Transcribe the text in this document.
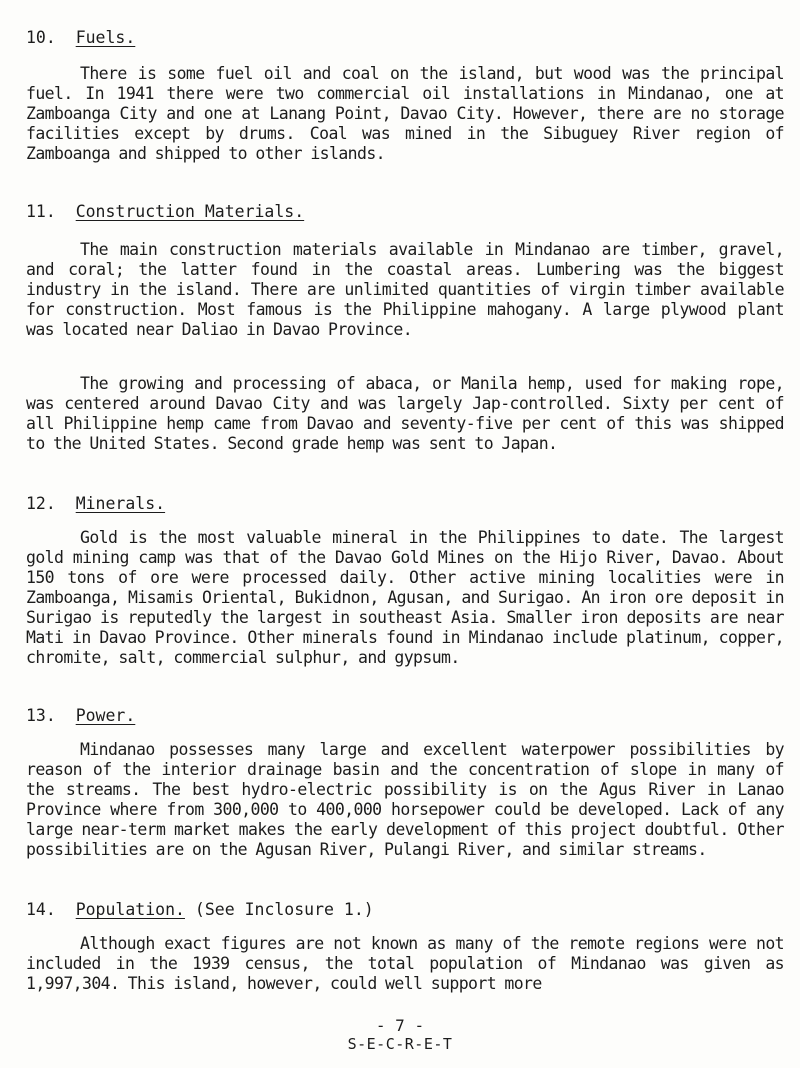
10. Fuels.

There is some fuel oil and coal on the island, but wood was the principal fuel. In 1941 there were two commercial oil installations in Mindanao, one at Zamboanga City and one at Lanang Point, Davao City. However, there are no storage facilities except by drums. Coal was mined in the Sibuguey River region of Zamboanga and shipped to other islands.

11. Construction Materials.

The main construction materials available in Mindanao are timber, gravel, and coral; the latter found in the coastal areas. Lumbering was the biggest industry in the island. There are unlimited quantities of virgin timber available for construction. Most famous is the Philippine mahogany. A large plywood plant was located near Daliao in Davao Province.

The growing and processing of abaca, or Manila hemp, used for making rope, was centered around Davao City and was largely Jap-controlled. Sixty per cent of all Philippine hemp came from Davao and seventy-five per cent of this was shipped to the United States. Second grade hemp was sent to Japan.

12. Minerals.

Gold is the most valuable mineral in the Philippines to date. The largest gold mining camp was that of the Davao Gold Mines on the Hijo River, Davao. About 150 tons of ore were processed daily. Other active mining localities were in Zamboanga, Misamis Oriental, Bukidnon, Agusan, and Surigao. An iron ore deposit in Surigao is reputedly the largest in southeast Asia. Smaller iron deposits are near Mati in Davao Province. Other minerals found in Mindanao include platinum, copper, chromite, salt, commercial sulphur, and gypsum.

13. Power.

Mindanao possesses many large and excellent waterpower possibilities by reason of the interior drainage basin and the concentration of slope in many of the streams. The best hydro-electric possibility is on the Agus River in Lanao Province where from 300,000 to 400,000 horsepower could be developed. Lack of any large near-term market makes the early development of this project doubtful. Other possibilities are on the Agusan River, Pulangi River, and similar streams.

14. Population. (See Inclosure 1.)

Although exact figures are not known as many of the remote regions were not included in the 1939 census, the total population of Mindanao was given as 1,997,304. This island, however, could well support more

- 7 -
S-E-C-R-E-T
